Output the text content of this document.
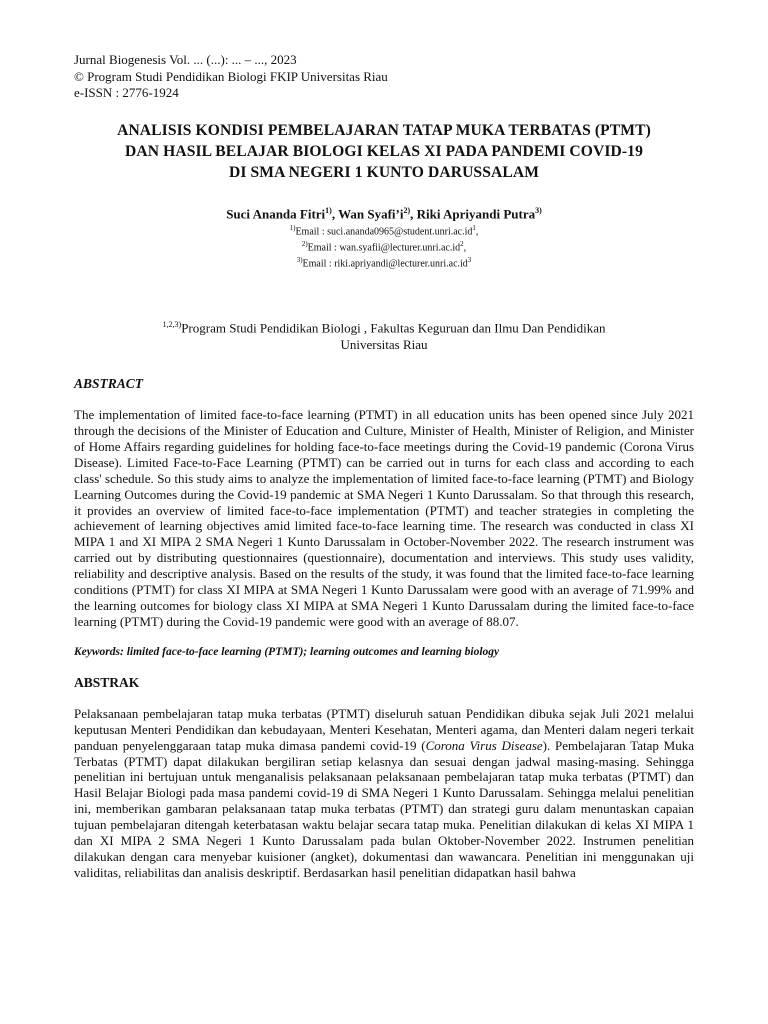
Jurnal Biogenesis Vol. ... (...): ... – ..., 2023
© Program Studi Pendidikan Biologi FKIP Universitas Riau
e-ISSN : 2776-1924
ANALISIS KONDISI PEMBELAJARAN TATAP MUKA TERBATAS (PTMT)
DAN HASIL BELAJAR BIOLOGI KELAS XI PADA PANDEMI COVID-19
DI SMA NEGERI 1 KUNTO DARUSSALAM
Suci Ananda Fitri$^{1)}$, Wan $Syafi’i^{2)}$, Riki Apriyandi Putra$^{3)}$
$^{1)}$Email : $suci.ananda0965@student.unri.ac.id^1$,
$^{2)}$Email : $wan.syafii@lecturer.unri.ac.id^2$,
$^{3)}$Email : $riki.apriyandi@lecturer.unri.ac.id^3$
$^{1,2,3)}$Program Studi Pendidikan Biologi , Fakultas Keguruan dan Ilmu Dan Pendidikan
Universitas Riau
ABSTRACT
The implementation of limited face-to-face learning (PTMT) in all education units has been opened since July 2021 through the decisions of the Minister of Education and Culture, Minister of Health, Minister of Religion, and Minister of Home Affairs regarding guidelines for holding face-to-face meetings during the Covid-19 pandemic (Corona Virus Disease). Limited Face-to-Face Learning (PTMT) can be carried out in turns for each class and according to each class' schedule. So this study aims to analyze the implementation of limited face-to-face learning (PTMT) and Biology Learning Outcomes during the Covid-19 pandemic at SMA Negeri 1 Kunto Darussalam. So that through this research, it provides an overview of limited face-to-face implementation (PTMT) and teacher strategies in completing the achievement of learning objectives amid limited face-to-face learning time. The research was conducted in class XI MIPA 1 and XI MIPA 2 SMA Negeri 1 Kunto Darussalam in October-November 2022. The research instrument was carried out by distributing questionnaires (questionnaire), documentation and interviews. This study uses validity, reliability and descriptive analysis. Based on the results of the study, it was found that the limited face-to-face learning conditions (PTMT) for class XI MIPA at SMA Negeri 1 Kunto Darussalam were good with an average of 71.99% and the learning outcomes for biology class XI MIPA at SMA Negeri 1 Kunto Darussalam during the limited face-to-face learning (PTMT) during the Covid-19 pandemic were good with an average of 88.07.
Keywords: limited face-to-face learning (PTMT); learning outcomes and learning biology
ABSTRAK
Pelaksanaan pembelajaran tatap muka terbatas (PTMT) diseluruh satuan Pendidikan dibuka sejak Juli 2021 melalui keputusan Menteri Pendidikan dan kebudayaan, Menteri Kesehatan, Menteri agama, dan Menteri dalam negeri terkait panduan penyelenggaraan tatap muka dimasa pandemi covid-19 (Corona Virus Disease). Pembelajaran Tatap Muka Terbatas (PTMT) dapat dilakukan bergiliran setiap kelasnya dan sesuai dengan jadwal masing-masing. Sehingga penelitian ini bertujuan untuk menganalisis pelaksanaan pelaksanaan pembelajaran tatap muka terbatas (PTMT) dan Hasil Belajar Biologi pada masa pandemi covid-19 di SMA Negeri 1 Kunto Darussalam. Sehingga melalui penelitian ini, memberikan gambaran pelaksanaan tatap muka terbatas (PTMT) dan strategi guru dalam menuntaskan capaian tujuan pembelajaran ditengah keterbatasan waktu belajar secara tatap muka. Penelitian dilakukan di kelas XI MIPA 1 dan XI MIPA 2 SMA Negeri 1 Kunto Darussalam pada bulan Oktober-November 2022. Instrumen penelitian dilakukan dengan cara menyebar kuisioner (angket), dokumentasi dan wawancara. Penelitian ini menggunakan uji validitas, reliabilitas dan analisis deskriptif. Berdasarkan hasil penelitian didapatkan hasil bahwa
